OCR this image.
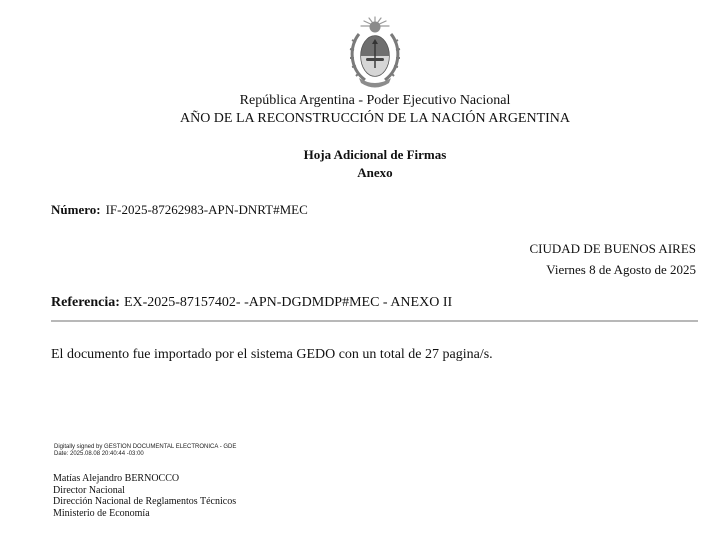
República Argentina - Poder Ejecutivo Nacional
AÑO DE LA RECONSTRUCCIÓN DE LA NACIÓN ARGENTINA
Hoja Adicional de Firmas
Anexo
Número: IF-2025-87262983-APN-DNRT#MEC
CIUDAD DE BUENOS AIRES
Viernes 8 de Agosto de 2025
Referencia: EX-2025-87157402- -APN-DGDMDP#MEC - ANEXO II
El documento fue importado por el sistema GEDO con un total de 27 pagina/s.
Digitally signed by GESTION DOCUMENTAL ELECTRONICA - GDE
Date: 2025.08.08 20:40:44 -03:00
Matías Alejandro BERNOCCO
Director Nacional
Dirección Nacional de Reglamentos Técnicos
Ministerio de Economía
